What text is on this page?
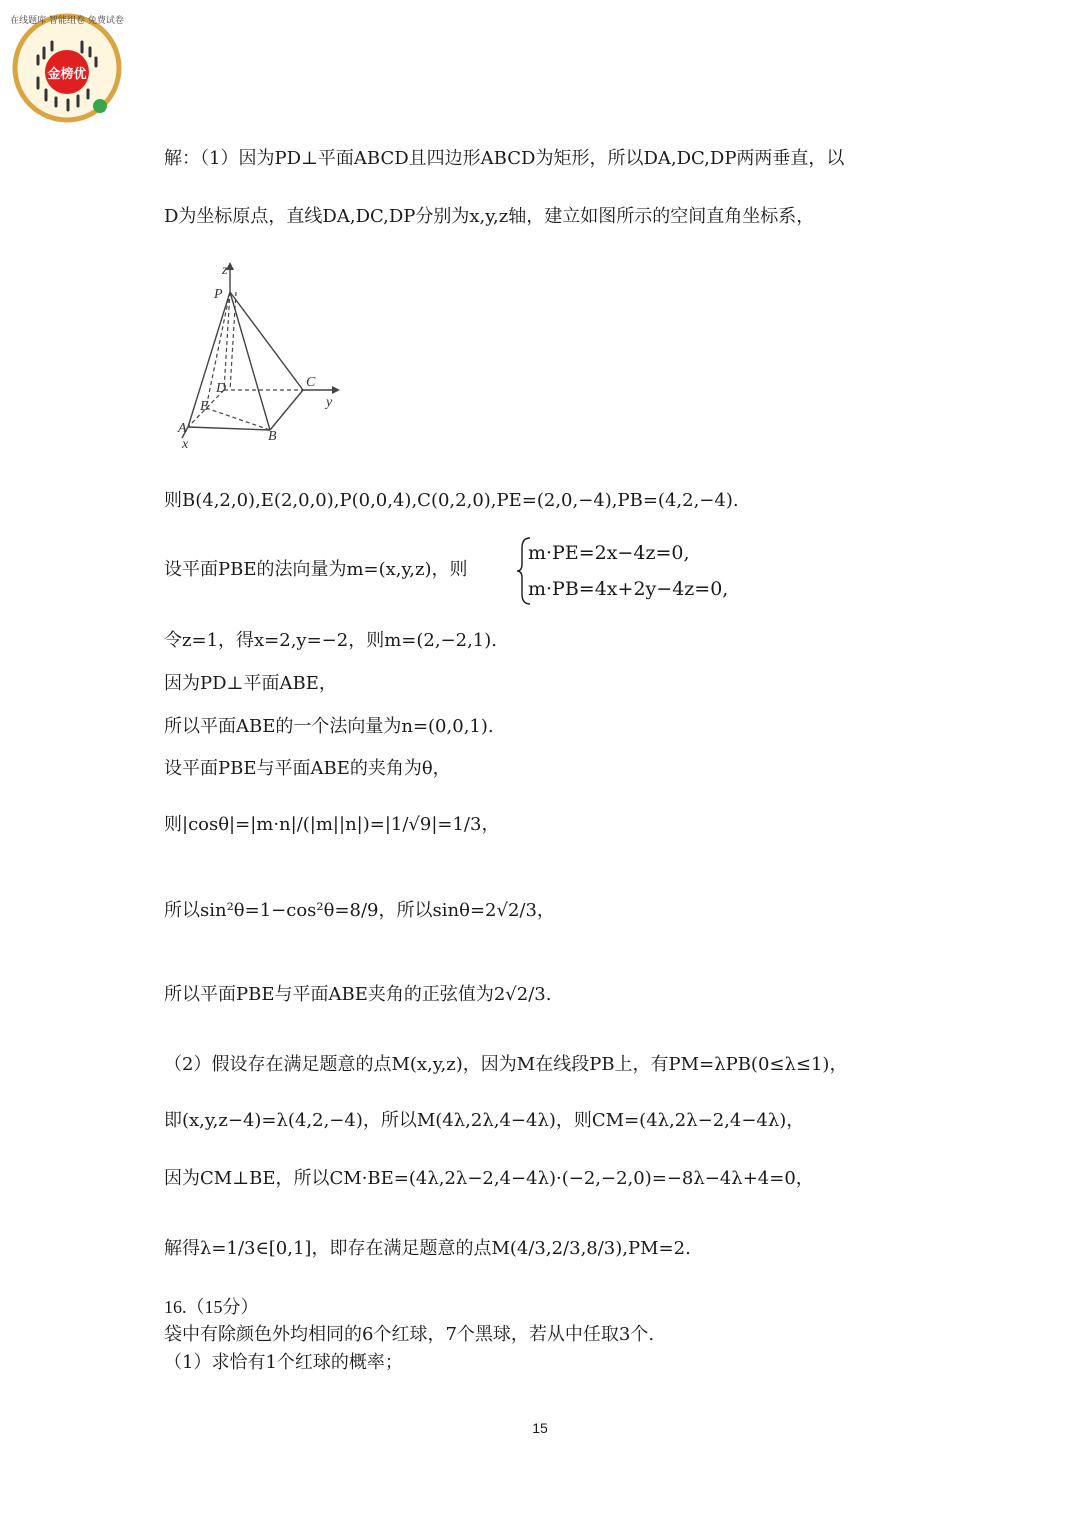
金榜优
在线题库 智能组卷 免费试卷
解：（1）因为PD⊥平面ABCD且四边形ABCD为矩形，所以DA,DC,DP两两垂直，以
D为坐标原点，直线DA,DC,DP分别为x,y,z轴，建立如图所示的空间直角坐标系，
z
P
D	C
y
E
A
B
x
则B(4,2,0),E(2,0,0),P(0,0,4),C(0,2,0),PE=(2,0,−4),PB=(4,2,−4).
设平面PBE的法向量为m=(x,y,z)，则
m·PE=2x−4z=0,
m·PB=4x+2y−4z=0,
令z=1，得x=2,y=−2，则m=(2,−2,1).
因为PD⊥平面ABE，
所以平面ABE的一个法向量为n=(0,0,1).
设平面PBE与平面ABE的夹角为θ，
则|cosθ|=|m·n|/(|m||n|)=|1/√9|=1/3，
所以sin²θ=1−cos²θ=8/9，所以sinθ=2√2/3，
所以平面PBE与平面ABE夹角的正弦值为2√2/3.
（2）假设存在满足题意的点M(x,y,z)，因为M在线段PB上，有PM=λPB(0≤λ≤1)，
即(x,y,z−4)=λ(4,2,−4)，所以M(4λ,2λ,4−4λ)，则CM=(4λ,2λ−2,4−4λ)，
因为CM⊥BE，所以CM·BE=(4λ,2λ−2,4−4λ)·(−2,−2,0)=−8λ−4λ+4=0，
解得λ=1/3∈[0,1]，即存在满足题意的点M(4/3,2/3,8/3),PM=2.
16.（15分）
袋中有除颜色外均相同的6个红球，7个黑球，若从中任取3个.
（1）求恰有1个红球的概率；
15
